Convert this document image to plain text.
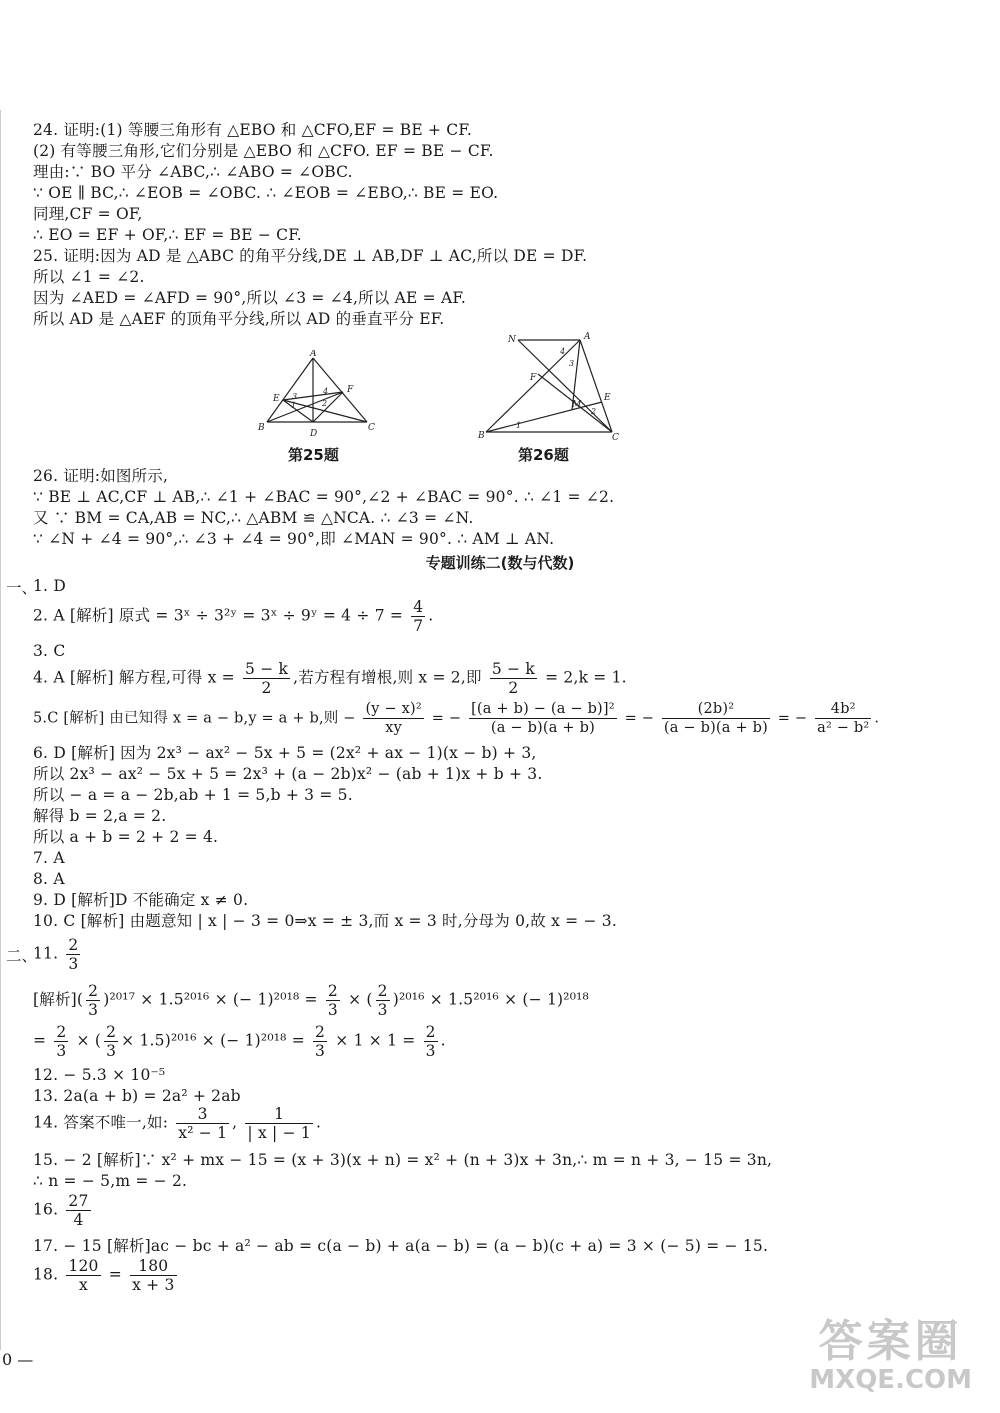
24. 证明:(1) 等腰三角形有 △EBO 和 △CFO,EF = BE + CF.
(2) 有等腰三角形,它们分别是 △EBO 和 △CFO. EF = BE − CF.
理由:∵ BO 平分 ∠ABC,∴ ∠ABO = ∠OBC.
∵ OE ∥ BC,∴ ∠EOB = ∠OBC. ∴ ∠EOB = ∠EBO,∴ BE = EO.
同理,CF = OF,
∴ EO = EF + OF,∴ EF = BE − CF.
25. 证明:因为 AD 是 △ABC 的角平分线,DE ⊥ AB,DF ⊥ AC,所以 DE = DF.
所以 ∠1 = ∠2.
因为 ∠AED = ∠AFD = 90°,所以 ∠3 = ∠4,所以 AE = AF.
所以 AD 是 △AEF 的顶角平分线,所以 AD 的垂直平分 EF.
A
B	C
D
E
F
1	2
3
4
第25题
N	A
B	C
E
F
M
1
2
3
4
第26题
26. 证明:如图所示,
∵ BE ⊥ AC,CF ⊥ AB,∴ ∠1 + ∠BAC = 90°,∠2 + ∠BAC = 90°. ∴ ∠1 = ∠2.
又 ∵ BM = CA,AB = NC,∴ △ABM ≌ △NCA. ∴ ∠3 = ∠N.
∵ ∠N + ∠4 = 90°,∴ ∠3 + ∠4 = 90°,即 ∠MAN = 90°. ∴ AM ⊥ AN.
专题训练二(数与代数)
一、
1. D
2. A [解析] 原式 = 3ˣ ÷ 3²ʸ = 3ˣ ÷ 9ʸ = $4 \div 7 = \frac{4}{7}$ .
3. C
4. A [解析] 解方程,可得 $x = \frac{5 - k}{2}$ ,若方程有增根,则 x = 2,即 $\frac{5 - k}{2} = 2,k = 1$.
5.C [解析] 由已知得 x = a − b,y = a + b,则 − $\frac{\text{(y − x)²}}{xy}$ = − $\frac{\text{[(a + b) − (a − b)]²}}{(a - b)(a + b)}$ = − $\frac{\text{(2b)²}}{(a - b)(a + b)}$ = − $\frac{\text{4b²}}{\text{a² − b²}}$ .
6. D [解析] 因为 2x³ − ax² − 5x + 5 = (2x² + ax − 1)(x − b) + 3,
所以 2x³ − ax² − 5x + 5 = 2x³ + (a − 2b)x² − (ab + 1)x + b + 3.
所以 − a = a − 2b,ab + 1 = 5,b + 3 = 5.
解得 b = 2,a = 2.
所以 a + b = 2 + 2 = 4.
7. A
8. A
9. D [解析]D 不能确定 x ≠ 0.
10. C [解析] 由题意知 | x | − 3 = 0⇒x = ± 3,而 x = 3 时,分母为 0,故 x = − 3.
二、
11. $\frac{2}{3}$
[解析]( $\frac{2}{3} )^{2017} \times 1.5^{2016}$ × (− $1)^{2018} = \frac{2}{3}$ × ( $\frac{2}{3} )^{2016} \times 1.5^{2016}$ × (− 1)²⁰¹⁸
= $\frac{2}{3}$ × ( $\frac{2}{3} \times 1.5)^{2016}$ × (− $1)^{2018} = \frac{2}{3} \times 1 \times 1 = \frac{2}{3}$ .
12. − 5.3 × 10⁻⁵
13. 2a(a + b) = 2a² + 2ab
14. 答案不唯一,如: $\frac{3}{\text{x² − 1}}$ , $\frac{1}{| x | - 1}$ .
15. − 2 [解析]∵ x² + mx − 15 = (x + 3)(x + n) = x² + (n + 3)x + 3n,∴ m = n + 3, − 15 = 3n,
∴ n = − 5,m = − 2.
16. $\frac{27}{4}$
17. − 15 [解析]ac − bc + a² − ab = c(a − b) + a(a − b) = (a − b)(c + a) = 3 × (− 5) = − 15.
18. $\frac{120}{x} = \frac{180}{x + 3}$
0 —	答案圈
MXQE.COM
